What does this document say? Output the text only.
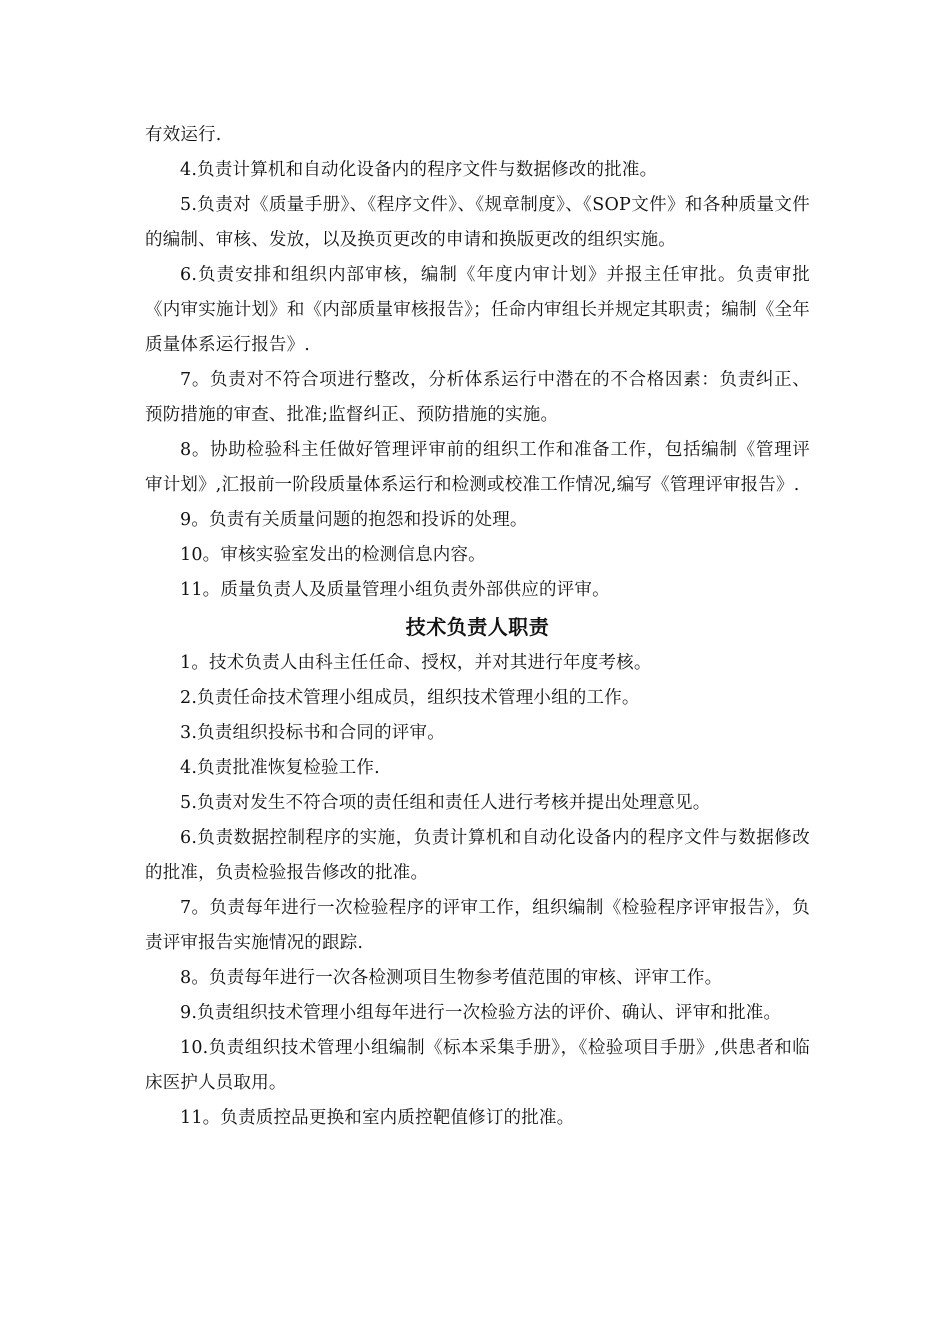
有效运行.

4.负责计算机和自动化设备内的程序文件与数据修改的批准。

5.负责对《质量手册》、《程序文件》、《规章制度》、《SOP文件》和各种质量文件的编制、审核、发放，以及换页更改的申请和换版更改的组织实施。

6.负责安排和组织内部审核，编制《年度内审计划》并报主任审批。负责审批《内审实施计划》和《内部质量审核报告》；任命内审组长并规定其职责；编制《全年质量体系运行报告》.

7。负责对不符合项进行整改，分析体系运行中潜在的不合格因素：负责纠正、预防措施的审查、批准;监督纠正、预防措施的实施。

8。协助检验科主任做好管理评审前的组织工作和准备工作，包括编制《管理评审计划》,汇报前一阶段质量体系运行和检测或校准工作情况,编写《管理评审报告》.

9。负责有关质量问题的抱怨和投诉的处理。

10。审核实验室发出的检测信息内容。

11。质量负责人及质量管理小组负责外部供应的评审。

技术负责人职责

1。技术负责人由科主任任命、授权，并对其进行年度考核。

2.负责任命技术管理小组成员，组织技术管理小组的工作。

3.负责组织投标书和合同的评审。

4.负责批准恢复检验工作.

5.负责对发生不符合项的责任组和责任人进行考核并提出处理意见。

6.负责数据控制程序的实施，负责计算机和自动化设备内的程序文件与数据修改的批准，负责检验报告修改的批准。

7。负责每年进行一次检验程序的评审工作，组织编制《检验程序评审报告》，负责评审报告实施情况的跟踪.

8。负责每年进行一次各检测项目生物参考值范围的审核、评审工作。

9.负责组织技术管理小组每年进行一次检验方法的评价、确认、评审和批准。

10.负责组织技术管理小组编制《标本采集手册》，《检验项目手册》,供患者和临床医护人员取用。

11。负责质控品更换和室内质控靶值修订的批准。
